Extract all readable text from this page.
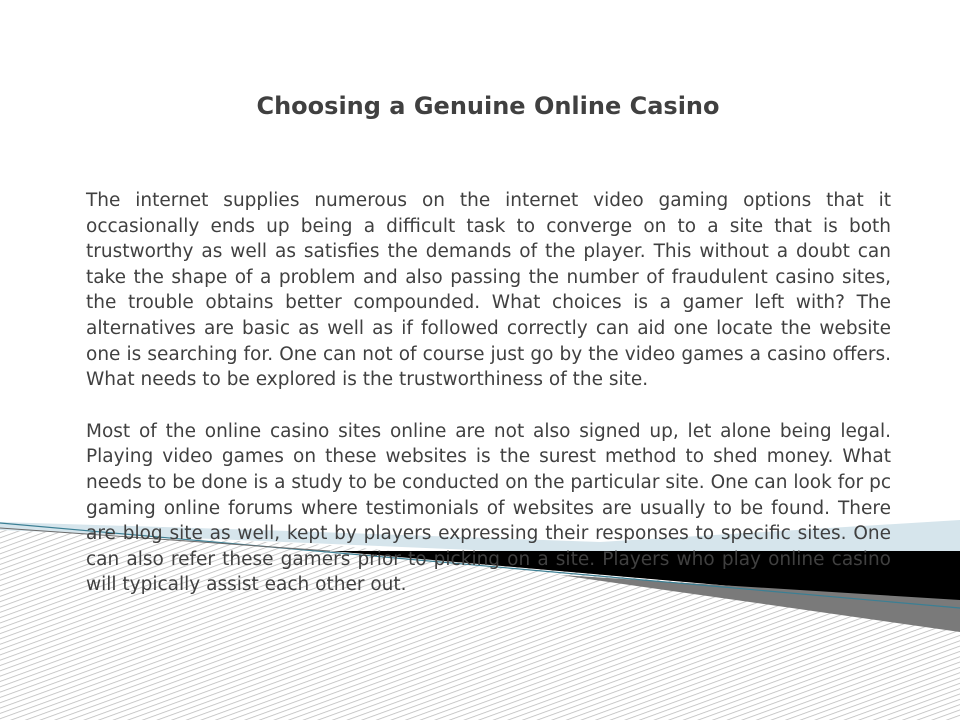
Choosing a Genuine Online Casino

The internet supplies numerous on the internet video gaming options that it occasionally ends up being a difficult task to converge on to a site that is both trustworthy as well as satisfies the demands of the player. This without a doubt can take the shape of a problem and also passing the number of fraudulent casino sites, the trouble obtains better compounded. What choices is a gamer left with? The alternatives are basic as well as if followed correctly can aid one locate the website one is searching for. One can not of course just go by the video games a casino offers. What needs to be explored is the trustworthiness of the site.

Most of the online casino sites online are not also signed up, let alone being legal. Playing video games on these websites is the surest method to shed money. What needs to be done is a study to be conducted on the particular site. One can look for pc gaming online forums where testimonials of websites are usually to be found. There are blog site as well, kept by players expressing their responses to specific sites. One can also refer these gamers prior to picking on a site. Players who play online casino will typically assist each other out.
